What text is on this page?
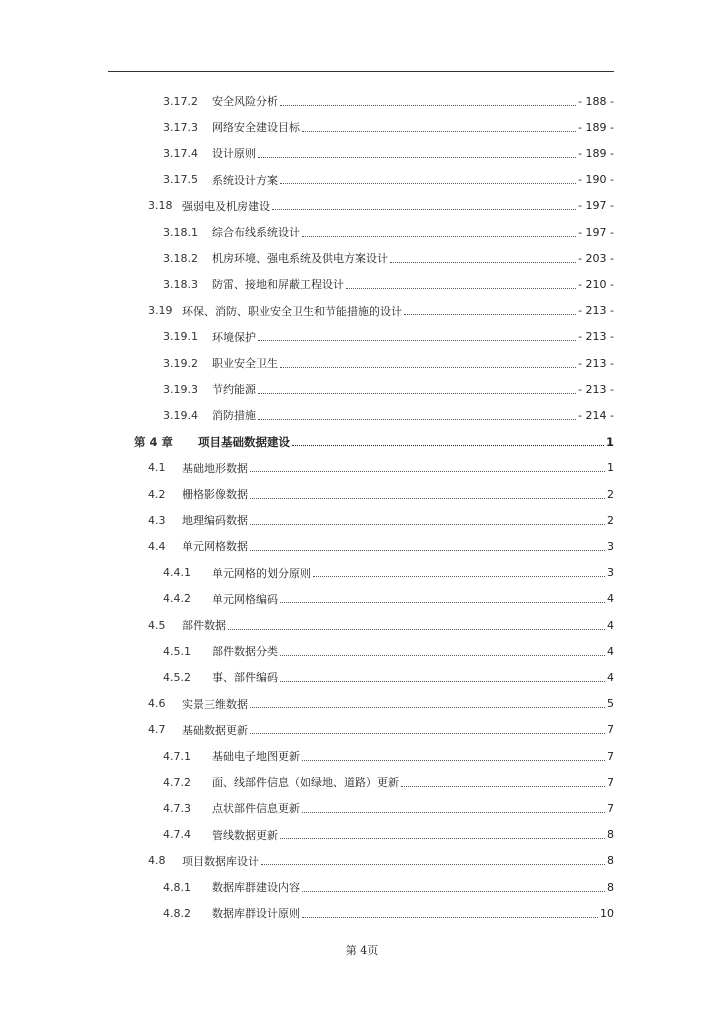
3.17.2	安全风险分析	- 188 -
3.17.3	网络安全建设目标	- 189 -
3.17.4	设计原则	- 189 -
3.17.5	系统设计方案	- 190 -
3.18 强弱电及机房建设	- 197 -
3.18.1	综合布线系统设计	- 197 -
3.18.2	机房环境、强电系统及供电方案设计	- 203 -
3.18.3	防雷、接地和屏蔽工程设计	- 210 -
3.19 环保、消防、职业安全卫生和节能措施的设计	- 213 -
3.19.1	环境保护	- 213 -
3.19.2	职业安全卫生	- 213 -
3.19.3	节约能源	- 213 -
3.19.4	消防措施	- 214 -
第 4 章	项目基础数据建设	1
4.1	基础地形数据	1
4.2	栅格影像数据	2
4.3	地理编码数据	2
4.4	单元网格数据	3
4.4.1	单元网格的划分原则	3
4.4.2	单元网格编码	4
4.5	部件数据	4
4.5.1	部件数据分类	4
4.5.2	事、部件编码	4
4.6	实景三维数据	5
4.7	基础数据更新	7
4.7.1	基础电子地图更新	7
4.7.2	面、线部件信息（如绿地、道路）更新	7
4.7.3	点状部件信息更新	7
4.7.4	管线数据更新	8
4.8	项目数据库设计	8
4.8.1	数据库群建设内容	8
4.8.2	数据库群设计原则	10
第 4页
